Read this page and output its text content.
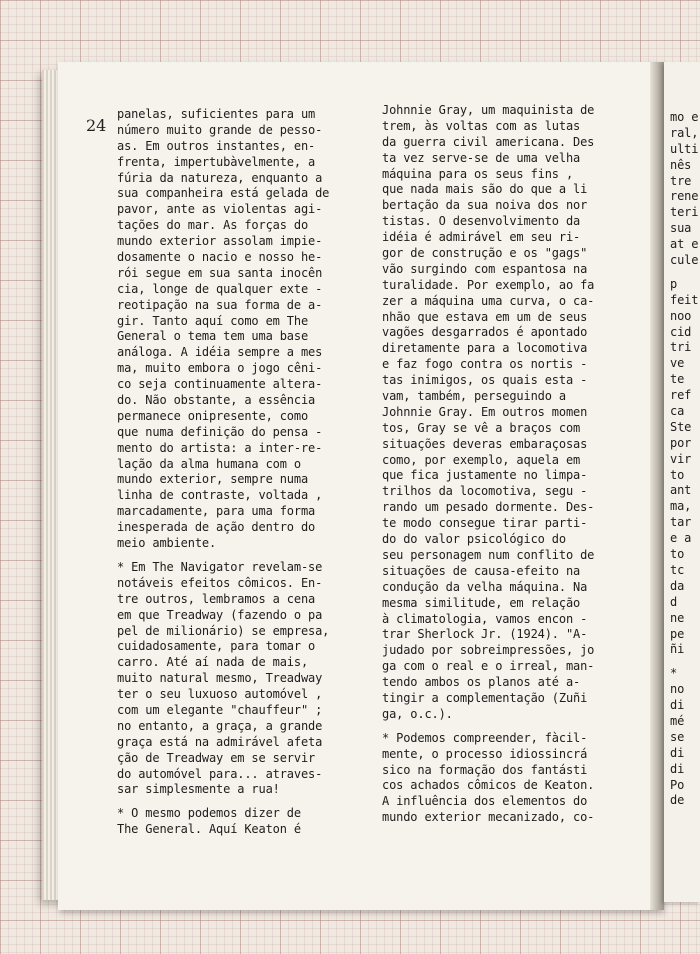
24
panelas, suficientes para um
número muito grande de pesso-
as. Em outros instantes, en-
frenta, impertubàvelmente, a
fúria da natureza, enquanto a
sua companheira está gelada de
pavor, ante as violentas agi-
tações do mar. As forças do
mundo exterior assolam impie-
dosamente o nacio e nosso he-
rói segue em sua santa inocên
cia, longe de qualquer exte -
reotipação na sua forma de a-
gir. Tanto aquí como em The
General o tema tem uma base
análoga. A idéia sempre a mes
ma, muito embora o jogo cêni-
co seja continuamente altera-
do. Não obstante, a essência
permanece onipresente, como
que numa definição do pensa -
mento do artista: a inter-re-
lação da alma humana com o
mundo exterior, sempre numa
linha de contraste, voltada ,
marcadamente, para uma forma
inesperada de ação dentro do
meio ambiente.
* Em The Navigator revelam-se
notáveis efeitos cômicos. En-
tre outros, lembramos a cena
em que Treadway (fazendo o pa
pel de milionário) se empresa,
cuidadosamente, para tomar o
carro. Até aí nada de mais,
muito natural mesmo, Treadway
ter o seu luxuoso automóvel ,
com um elegante "chauffeur" ;
no entanto, a graça, a grande
graça está na admirável afeta
ção de Treadway em se servir
do automóvel para... atraves-
sar simplesmente a rua!
* O mesmo podemos dizer de
The General. Aquí Keaton é
Johnnie Gray, um maquinista de
trem, às voltas com as lutas
da guerra civil americana. Des
ta vez serve-se de uma velha
máquina para os seus fins ,
que nada mais são do que a li
bertação da sua noiva dos nor
tistas. O desenvolvimento da
idéia é admirável em seu ri-
gor de construção e os "gags"
vão surgindo com espantosa na
turalidade. Por exemplo, ao fa
zer a máquina uma curva, o ca-
nhão que estava em um de seus
vagões desgarrados é apontado
diretamente para a locomotiva
e faz fogo contra os nortis -
tas inimigos, os quais esta -
vam, também, perseguindo a
Johnnie Gray. Em outros momen
tos, Gray se vê a braços com
situações deveras embaraçosas
como, por exemplo, aquela em
que fica justamente no limpa-
trilhos da locomotiva, segu -
rando um pesado dormente. Des-
te modo consegue tirar parti-
do do valor psicológico do
seu personagem num conflito de
situações de causa-efeito na
condução da velha máquina. Na
mesma similitude, em relação
à climatologia, vamos encon -
trar Sherlock Jr. (1924). "A-
judado por sobreimpressões, jo
ga com o real e o irreal, man-
tendo ambos os planos até a-
tingir a complementação (Zuñi
ga, o.c.).
* Podemos compreender, fàcil-
mente, o processo idiossincrá
sico na formação dos fantásti
cos achados cômicos de Keaton.
A influência dos elementos do
mundo exterior mecanizado, co-
mo e
ral,
ulti
nês
tre
rene
teri
sua
at e
cule
p
feit
noo
cid
tri
ve
te
ref
ca
Ste
por
vir
to
ant
ma,
tar
e a
to
tc
da
d
ne
pe
ñi
*
no
di
mé
se
di
di
Po
de
